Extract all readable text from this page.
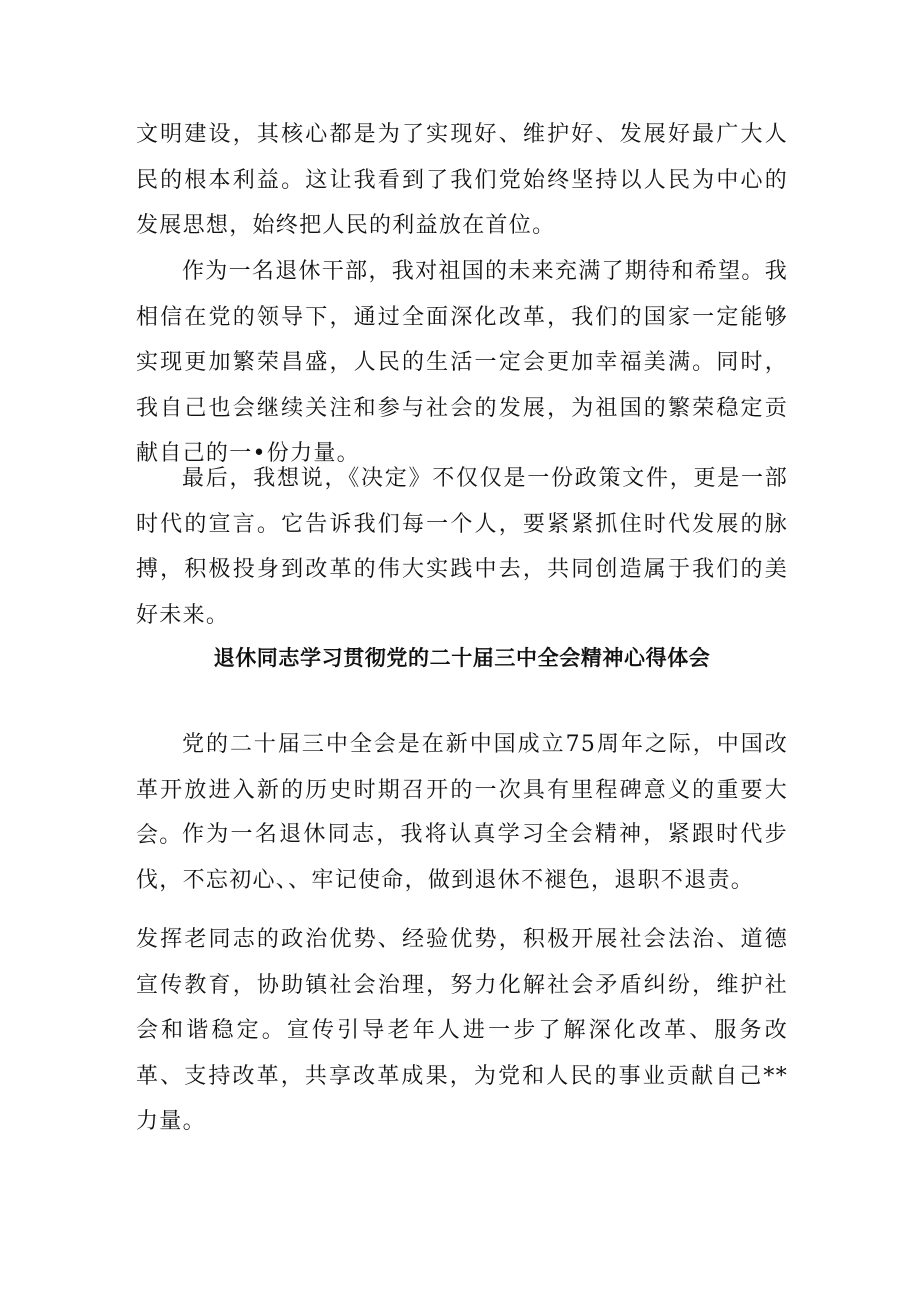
文明建设，其核心都是为了实现好、维护好、发展好最广大人民的根本利益。这让我看到了我们党始终坚持以人民为中心的发展思想，始终把人民的利益放在首位。

作为一名退休干部，我对祖国的未来充满了期待和希望。我相信在党的领导下，通过全面深化改革，我们的国家一定能够实现更加繁荣昌盛，人民的生活一定会更加幸福美满。同时，我自己也会继续关注和参与社会的发展，为祖国的繁荣稳定贡献自己的一•份力量。

最后，我想说，《决定》不仅仅是一份政策文件，更是一部时代的宣言。它告诉我们每一个人，要紧紧抓住时代发展的脉搏，积极投身到改革的伟大实践中去，共同创造属于我们的美好未来。

退休同志学习贯彻党的二十届三中全会精神心得体会

党的二十届三中全会是在新中国成立75周年之际，中国改革开放进入新的历史时期召开的一次具有里程碑意义的重要大会。 作为一名退休同志，我将认真学习全会精神，紧跟时代步伐，不忘初心、、牢记使命，做到退休不褪色，退职不退责。

发挥老同志的政治优势、经验优势，积极开展社会法治、道德宣传教育，协助镇社会治理，努力化解社会矛盾纠纷，维护社会和谐稳定。宣传引导老年人进一步了解深化改革、服务改革、支持改革，共享改革成果，为党和人民的事业贡献自己**力量。
